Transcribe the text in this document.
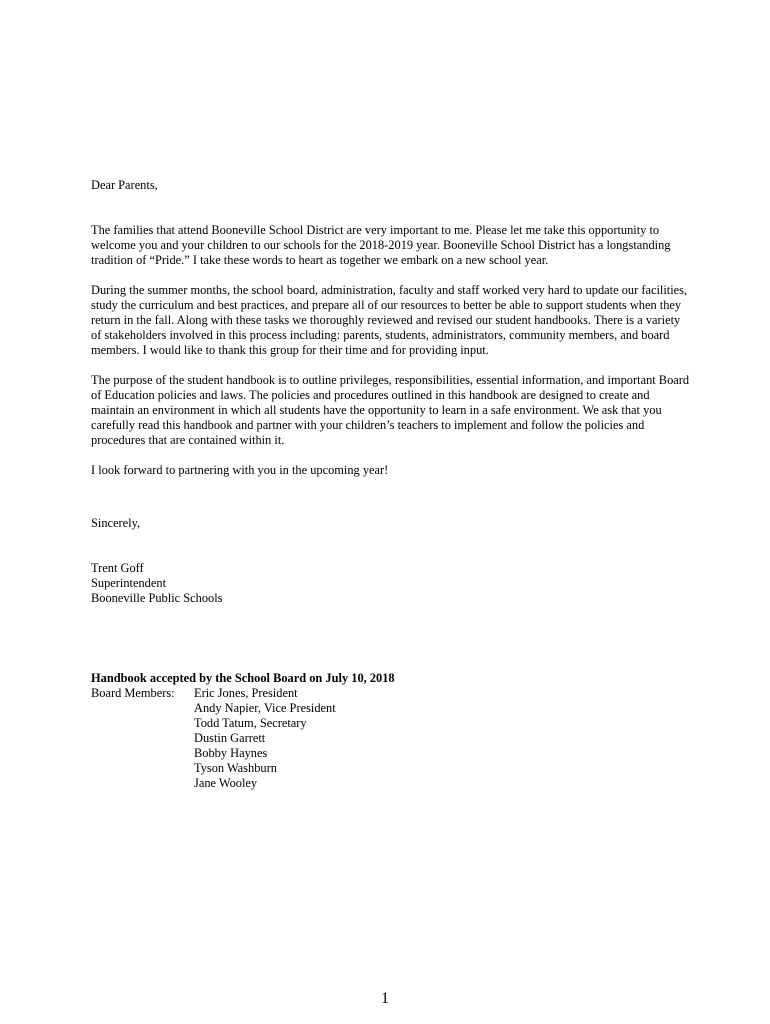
Dear Parents,

The families that attend Booneville School District are very important to me. Please let me take this opportunity to welcome you and your children to our schools for the 2018-2019 year. Booneville School District has a longstanding tradition of “Pride.” I take these words to heart as together we embark on a new school year.

During the summer months, the school board, administration, faculty and staff worked very hard to update our facilities, study the curriculum and best practices, and prepare all of our resources to better be able to support students when they return in the fall. Along with these tasks we thoroughly reviewed and revised our student handbooks. There is a variety of stakeholders involved in this process including: parents, students, administrators, community members, and board members. I would like to thank this group for their time and for providing input.

The purpose of the student handbook is to outline privileges, responsibilities, essential information, and important Board of Education policies and laws. The policies and procedures outlined in this handbook are designed to create and maintain an environment in which all students have the opportunity to learn in a safe environment. We ask that you carefully read this handbook and partner with your children’s teachers to implement and follow the policies and procedures that are contained within it.

I look forward to partnering with you in the upcoming year!

Sincerely,
Trent Goff
Superintendent
Booneville Public Schools
Handbook accepted by the School Board on July 10, 2018
Board Members:	Eric Jones, President
Andy Napier, Vice President
Todd Tatum, Secretary
Dustin Garrett
Bobby Haynes
Tyson Washburn
Jane Wooley
1
